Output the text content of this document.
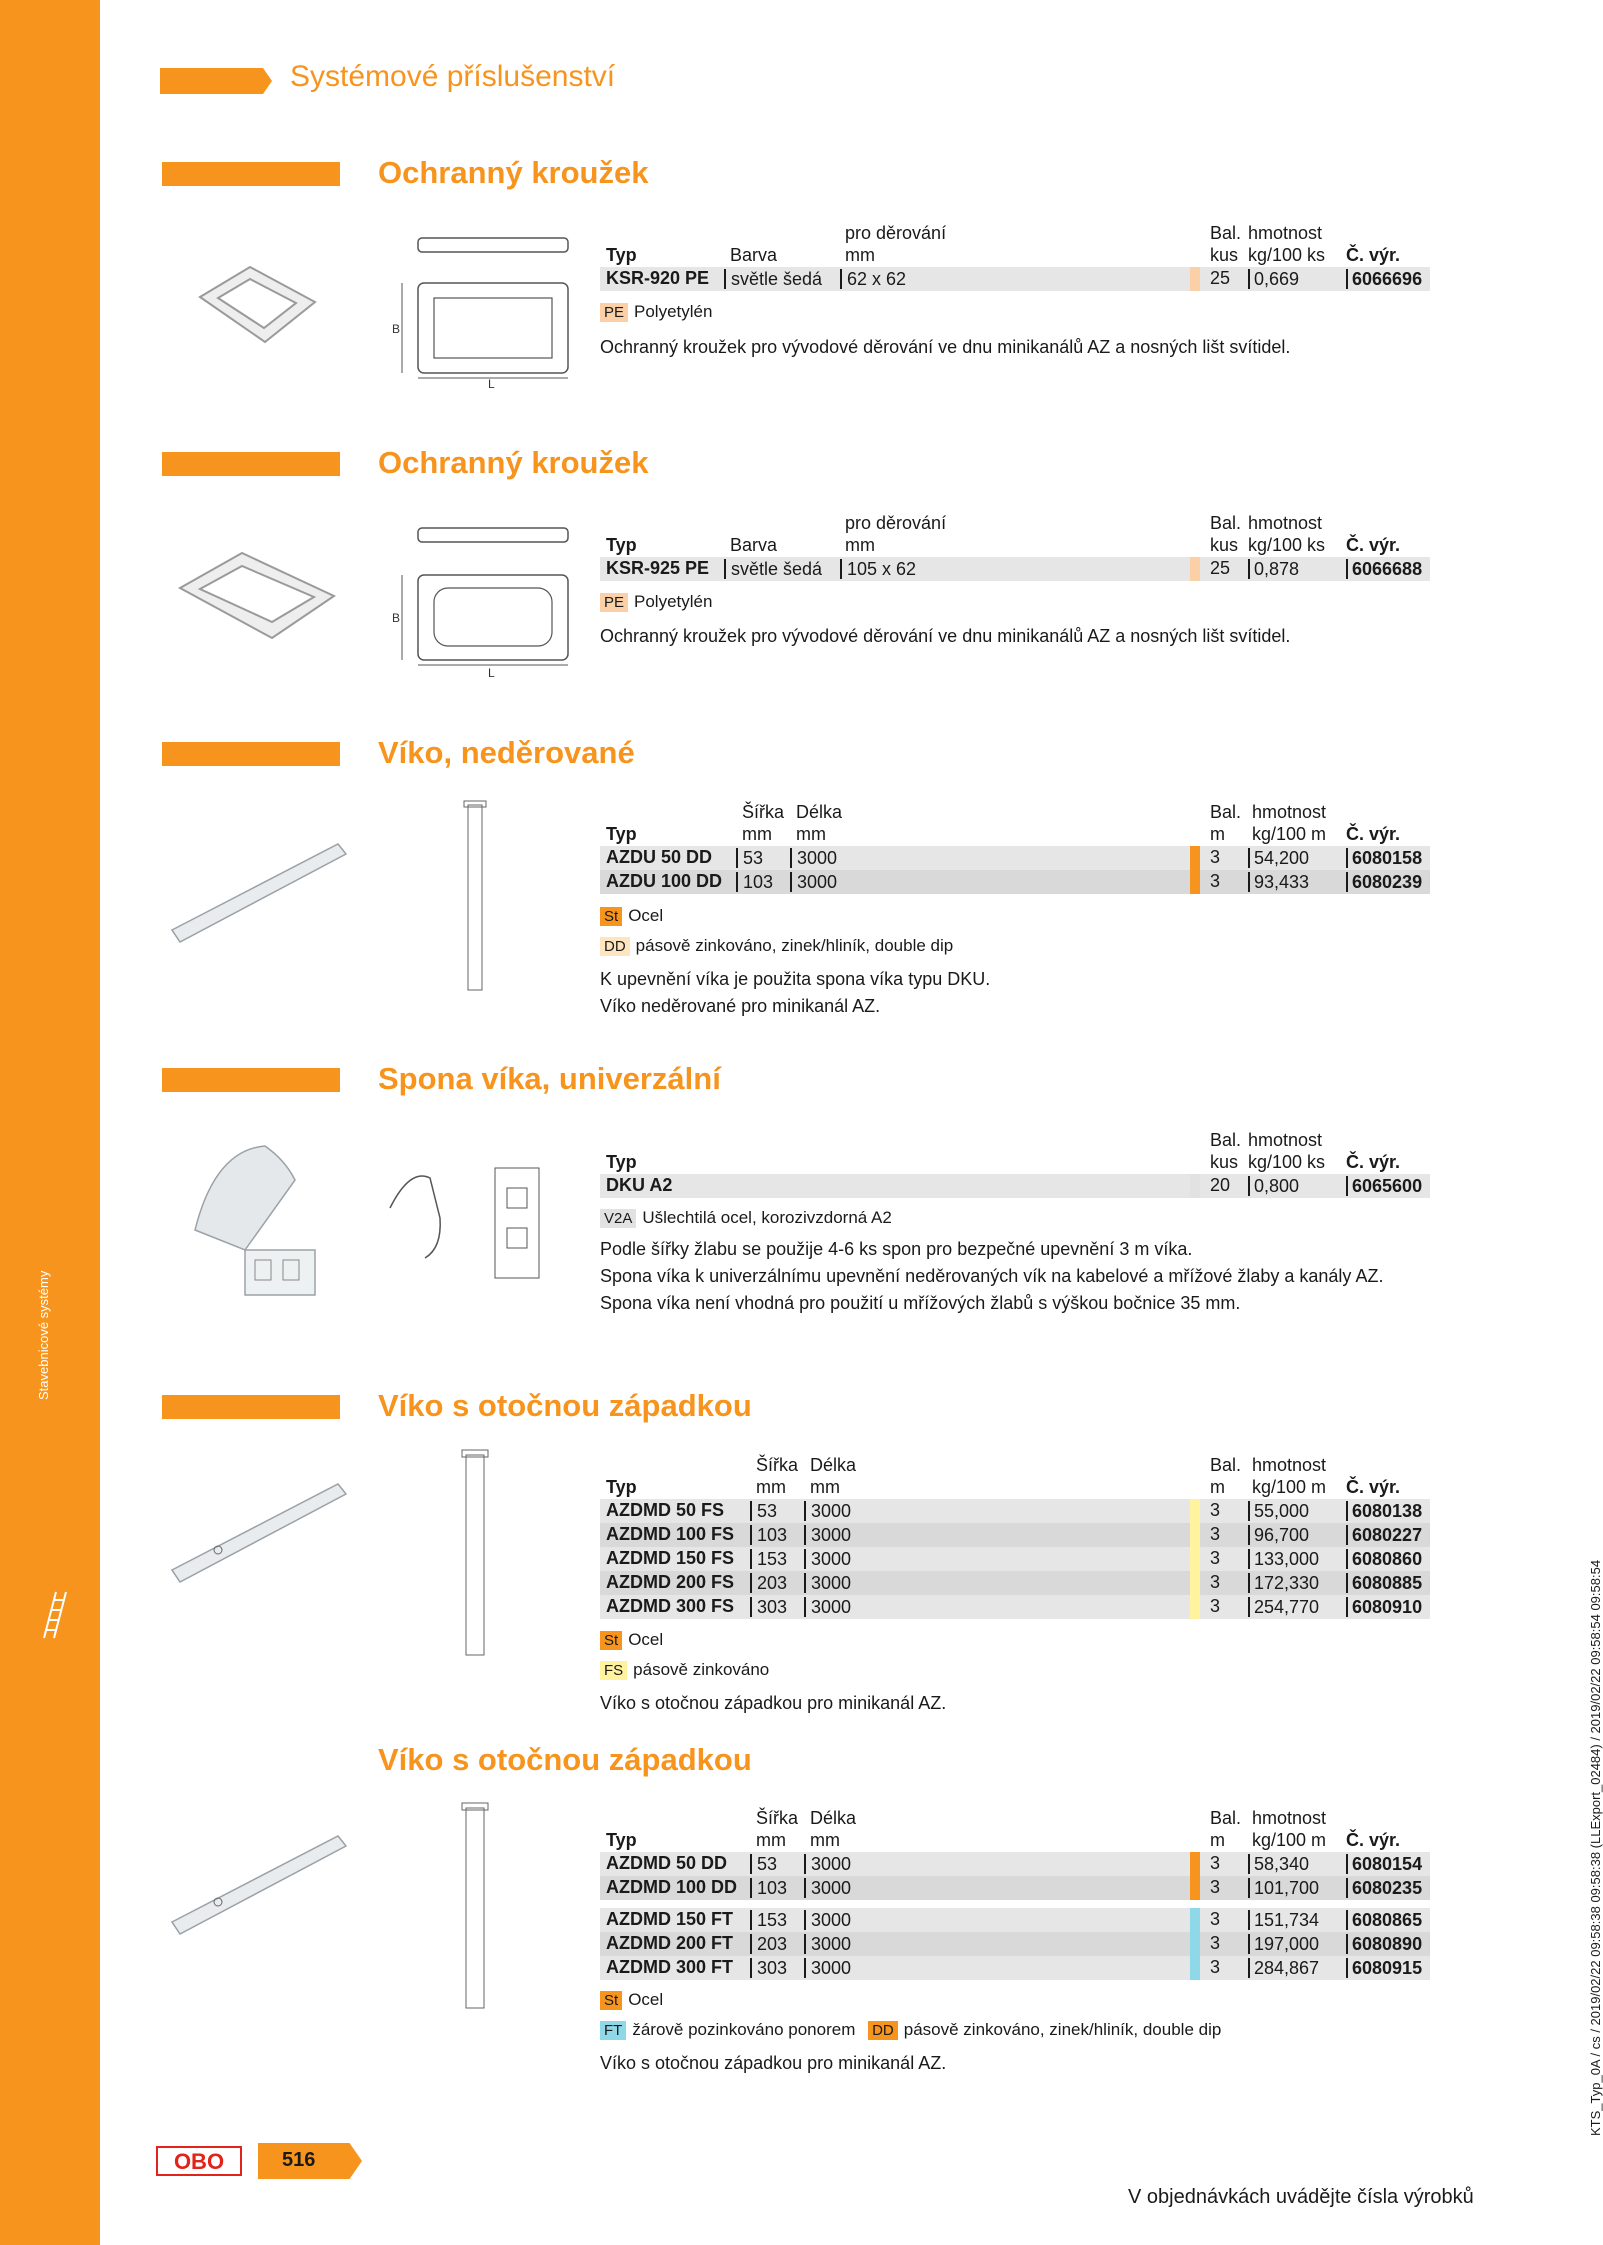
Stavebnicové systémy
Systémové příslušenství
Ochranný kroužek
B
L
pro děrování	Bal. hmotnost
Typ	Barva	mm	kus kg/100 ks Č. výr.
KSR-920 PE	světle šedá	62 x 62	25	0,669	6066696
PE Polyetylén
Ochranný kroužek pro vývodové děrování ve dnu minikanálů AZ a nosných lišt svítidel.
Ochranný kroužek
B
L
pro děrování	Bal. hmotnost
Typ	Barva	mm	kus kg/100 ks Č. výr.
KSR-925 PE	světle šedá	105 x 62	25	0,878	6066688
PE Polyetylén
Ochranný kroužek pro vývodové děrování ve dnu minikanálů AZ a nosných lišt svítidel.
Víko, neděrované
Šířka Délka	Bal. hmotnost
Typ	mm mm	m kg/100 m Č. výr.
AZDU 50 DD	53	3000	3	54,200	6080158
AZDU 100 DD	103	3000	3	93,433	6080239
St Ocel
DD pásově zinkováno, zinek/hliník, double dip
K upevnění víka je použita spona víka typu DKU.
Víko neděrované pro minikanál AZ.
Spona víka, univerzální
Bal. hmotnost
Typ	kus kg/100 ks Č. výr.
DKU A2	20	0,800	6065600
V2A Ušlechtilá ocel, korozivzdorná A2
Podle šířky žlabu se použije 4-6 ks spon pro bezpečné upevnění 3 m víka.
Spona víka k univerzálnímu upevnění neděrovaných vík na kabelové a mřížové žlaby a kanály AZ.
Spona víka není vhodná pro použití u mřížových žlabů s výškou bočnice 35 mm.
Víko s otočnou západkou
Šířka Délka	Bal. hmotnost
Typ	mm mm	m kg/100 m Č. výr.
AZDMD 50 FS	53	3000	3	55,000	6080138
AZDMD 100 FS	103	3000	3	96,700	6080227
AZDMD 150 FS	153	3000	3	133,000	6080860
AZDMD 200 FS	203	3000	3	172,330	6080885
AZDMD 300 FS	303	3000	3	254,770	6080910
St Ocel
FS pásově zinkováno
Víko s otočnou západkou pro minikanál AZ.
Víko s otočnou západkou
Šířka Délka	Bal. hmotnost
Typ	mm mm	m kg/100 m Č. výr.
AZDMD 50 DD	53	3000	3	58,340	6080154
AZDMD 100 DD	103	3000	3	101,700	6080235
AZDMD 150 FT	153	3000	3	151,734	6080865
AZDMD 200 FT	203	3000	3	197,000	6080890
AZDMD 300 FT	303	3000	3	284,867	6080915
St Ocel
FT žárově pozinkováno ponorem DD pásově zinkováno, zinek/hliník, double dip
Víko s otočnou západkou pro minikanál AZ.
OBO	516
V objednávkách uvádějte čísla výrobků
KTS_Typ_0A / cs / 2019/02/22 09:58:38 09:58:38 (LLExport_02484) / 2019/02/22 09:58:54 09:58:54
